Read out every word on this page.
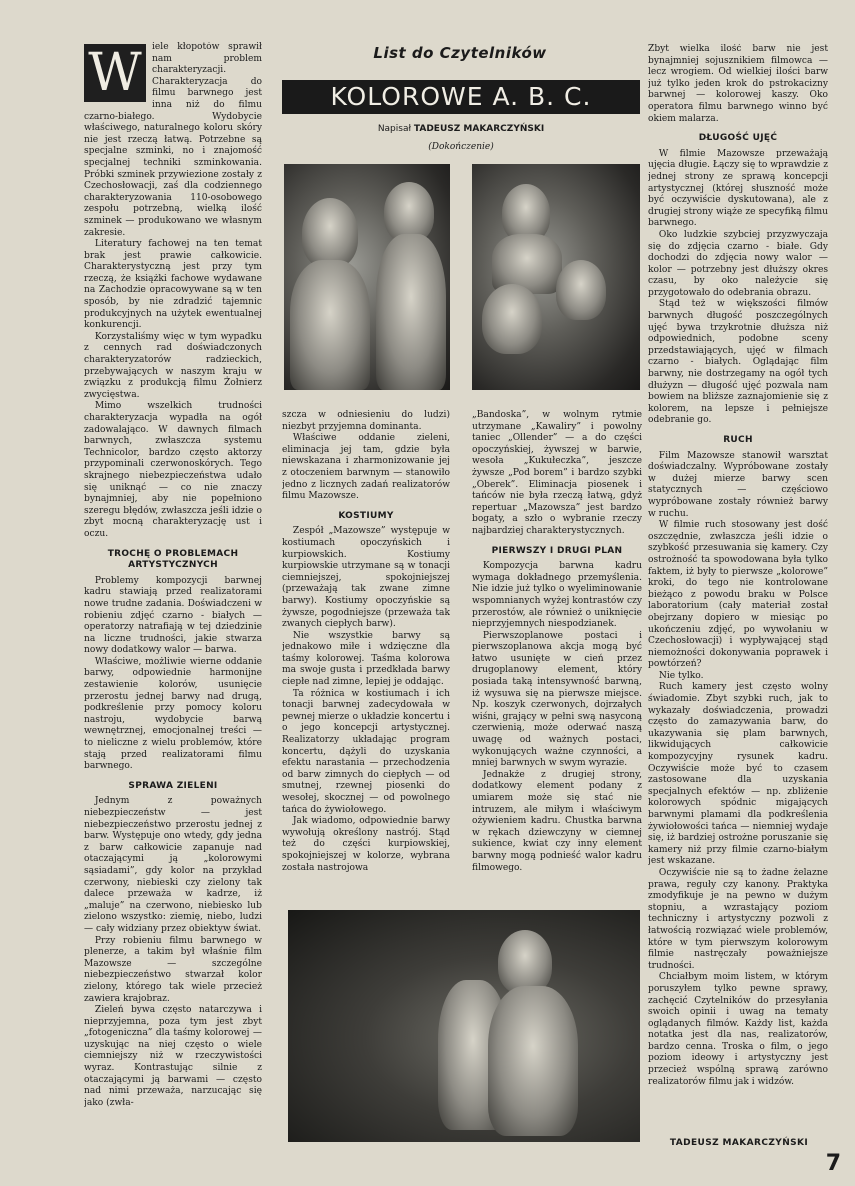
W	iele kłopotów sprawił nam problem charakteryzacji. Charakteryzacja do filmu barwnego jest inna niż do filmu czarno-białego. Wydobycie właściwego, naturalnego koloru skóry nie jest rzeczą łatwą. Potrzebne są specjalne szminki, no i znajomość specjalnej techniki szminkowania. Próbki szminek przywiezione zostały z Czechosłowacji, zaś dla codziennego charakteryzowania 110-osobowego zespołu potrzebną, wielką ilość szminek — produkowano we własnym zakresie.

Literatury fachowej na ten temat brak jest prawie całkowicie. Charakterystyczną jest przy tym rzeczą, że książki fachowe wydawane na Zachodzie opracowywane są w ten sposób, by nie zdradzić tajemnic produkcyjnych na użytek ewentualnej konkurencji.

Korzystaliśmy więc w tym wypadku z cennych rad doświadczonych charakteryzatorów radzieckich, przebywających w naszym kraju w związku z produkcją filmu Żołnierz zwycięstwa.

Mimo wszelkich trudności charakteryzacja wypadła na ogół zadowalająco. W dawnych filmach barwnych, zwłaszcza systemu Technicolor, bardzo często aktorzy przypominali czerwonoskórych. Tego skrajnego niebezpieczeństwa udało się uniknąć — co nie znaczy bynajmniej, aby nie popełniono szeregu błędów, zwłaszcza jeśli idzie o zbyt mocną charakteryzację ust i oczu.

TROCHĘ O PROBLEMACH ARTYSTYCZNYCH

Problemy kompozycji barwnej kadru stawiają przed realizatorami nowe trudne zadania. Doświadczeni w robieniu zdjęć czarno - białych — operatorzy natrafiają w tej dziedzinie na liczne trudności, jakie stwarza nowy dodatkowy walor — barwa.

Właściwe, możliwie wierne oddanie barwy, odpowiednie harmonijne zestawienie kolorów, usunięcie przerostu jednej barwy nad drugą, podkreślenie przy pomocy koloru nastroju, wydobycie barwą wewnętrznej, emocjonalnej treści — to nieliczne z wielu problemów, które stają przed realizatorami filmu barwnego.

SPRAWA ZIELENI

Jednym z poważnych niebezpieczeństw — jest niebezpieczeństwo przerostu jednej z barw. Występuje ono wtedy, gdy jedna z barw całkowicie zapanuje nad otaczającymi ją „kolorowymi sąsiadami”, gdy kolor na przykład czerwony, niebieski czy zielony tak dalece przeważa w kadrze, iż „maluje” na czerwono, niebiesko lub zielono wszystko: ziemię, niebo, ludzi — cały widziany przez obiektyw świat.

Przy robieniu filmu barwnego w plenerze, a takim był właśnie film Mazowsze — szczególne niebezpieczeństwo stwarzał kolor zielony, którego tak wiele przecież zawiera krajobraz.

Zieleń bywa często natarczywa i nieprzyjemna, poza tym jest zbyt „fotogeniczna” dla taśmy kolorowej — uzyskując na niej często o wiele ciemniejszy niż w rzeczywistości wyraz. Kontrastując silnie z otaczającymi ją barwami — często nad nimi przeważa, narzucając się jako (zwła-

List do Czytelników
KOLOROWE A. B. C.
Napisał TADEUSZ MAKARCZYŃSKI
(Dokończenie)

szcza w odniesieniu do ludzi) niezbyt przyjemna dominanta.

Właściwe oddanie zieleni, eliminacja jej tam, gdzie była niewskazana i zharmonizowanie jej z otoczeniem barwnym — stanowiło jedno z licznych zadań realizatorów filmu Mazowsze.

KOSTIUMY

Zespół „Mazowsze” występuje w kostiumach opoczyńskich i kurpiowskich. Kostiumy kurpiowskie utrzymane są w tonacji ciemniejszej, spokojniejszej (przeważają tak zwane zimne barwy). Kostiumy opoczyńskie są żywsze, pogodniejsze (przeważa tak zwanych ciepłych barw).

Nie wszystkie barwy są jednakowo miłe i wdzięczne dla taśmy kolorowej. Taśma kolorowa ma swoje gusta i przedkłada barwy ciepłe nad zimne, lepiej je oddając.

Ta różnica w kostiumach i ich tonacji barwnej zadecydowała w pewnej mierze o układzie koncertu i o jego koncepcji artystycznej. Realizatorzy układając program koncertu, dążyli do uzyskania efektu narastania — przechodzenia od barw zimnych do ciepłych — od smutnej, rzewnej piosenki do wesołej, skocznej — od powolnego tańca do żywiołowego.

Jak wiadomo, odpowiednie barwy wywołują określony nastrój. Stąd też do części kurpiowskiej, spokojniejszej w kolorze, wybrana została nastrojowa

„Bandoska”, w wolnym rytmie utrzymane „Kawaliry” i powolny taniec „Ollender” — a do części opoczyńskiej, żywszej w barwie, wesoła „Kukułeczka”, jeszcze żywsze „Pod borem” i bardzo szybki „Oberek”. Eliminacja piosenek i tańców nie była rzeczą łatwą, gdyż repertuar „Mazowsza” jest bardzo bogaty, a szło o wybranie rzeczy najbardziej charakterystycznych.

PIERWSZY I DRUGI PLAN

Kompozycja barwna kadru wymaga dokładnego przemyślenia. Nie idzie już tylko o wyeliminowanie wspomnianych wyżej kontrastów czy przerostów, ale również o uniknięcie nieprzyjemnych niespodzianek.

Pierwszoplanowe postaci i pierwszoplanowa akcja mogą być łatwo usunięte w cień przez drugoplanowy element, który posiada taką intensywność barwną, iż wysuwa się na pierwsze miejsce. Np. koszyk czerwonych, dojrzałych wiśni, grający w pełni swą nasyconą czerwienią, może oderwać naszą uwagę od ważnych postaci, wykonujących ważne czynności, a mniej barwnych w swym wyrazie.

Jednakże z drugiej strony, dodatkowy element podany z umiarem może się stać nie intruzem, ale miłym i właściwym ożywieniem kadru. Chustka barwna w rękach dziewczyny w ciemnej sukience, kwiat czy inny element barwny mogą podnieść walor kadru filmowego.

Zbyt wielka ilość barw nie jest bynajmniej sojusznikiem filmowca — lecz wrogiem. Od wielkiej ilości barw już tylko jeden krok do pstrokacizny barwnej — kolorowej kaszy. Oko operatora filmu barwnego winno być okiem malarza.

DŁUGOŚĆ UJĘĆ

W filmie Mazowsze przeważają ujęcia długie. Łączy się to wprawdzie z jednej strony ze sprawą koncepcji artystycznej (której słuszność może być oczywiście dyskutowana), ale z drugiej strony wiąże ze specyfiką filmu barwnego.

Oko ludzkie szybciej przyzwyczaja się do zdjęcia czarno - białe. Gdy dochodzi do zdjęcia nowy walor — kolor — potrzebny jest dłuższy okres czasu, by oko należycie się przygotowało do odebrania obrazu.

Stąd też w większości filmów barwnych długość poszczególnych ujęć bywa trzykrotnie dłuższa niż odpowiednich, podobne sceny przedstawiających, ujęć w filmach czarno - białych. Oglądając film barwny, nie dostrzegamy na ogół tych dłużyzn — długość ujęć pozwala nam bowiem na bliższe zaznajomienie się z kolorem, na lepsze i pełniejsze odebranie go.

RUCH

Film Mazowsze stanowił warsztat doświadczalny. Wypróbowane zostały w dużej mierze barwy scen statycznych — częściowo wypróbowane zostały również barwy w ruchu.

W filmie ruch stosowany jest dość oszczędnie, zwłaszcza jeśli idzie o szybkość przesuwania się kamery. Czy ostrożność ta spowodowana była tylko faktem, iż były to pierwsze „kolorowe” kroki, do tego nie kontrolowane bieżąco z powodu braku w Polsce laboratorium (cały materiał został obejrzany dopiero w miesiąc po ukończeniu zdjęć, po wywołaniu w Czechosłowacji) i wypływającej stąd niemożności dokonywania poprawek i powtórzeń?

Nie tylko.

Ruch kamery jest często wolny świadomie. Zbyt szybki ruch, jak to wykazały doświadczenia, prowadzi często do zamazywania barw, do ukazywania się plam barwnych, likwidujących całkowicie kompozycyjny rysunek kadru. Oczywiście może być to czasem zastosowane dla uzyskania specjalnych efektów — np. zbliżenie kolorowych spódnic migających barwnymi plamami dla podkreślenia żywiołowości tańca — niemniej wydaje się, iż bardziej ostrożne poruszanie się kamery niż przy filmie czarno-białym jest wskazane.

Oczywiście nie są to żadne żelazne prawa, reguły czy kanony. Praktyka zmodyfikuje je na pewno w dużym stopniu, a wzrastający poziom techniczny i artystyczny pozwoli z łatwością rozwiązać wiele problemów, które w tym pierwszym kolorowym filmie nastręczały poważniejsze trudności.

Chciałbym moim listem, w którym poruszyłem tylko pewne sprawy, zachęcić Czytelników do przesyłania swoich opinii i uwag na tematy oglądanych filmów. Każdy list, każda notatka jest dla nas, realizatorów, bardzo cenna. Troska o film, o jego poziom ideowy i artystyczny jest przecież wspólną sprawą zarówno realizatorów filmu jak i widzów.

TADEUSZ MAKARCZYŃSKI
7
